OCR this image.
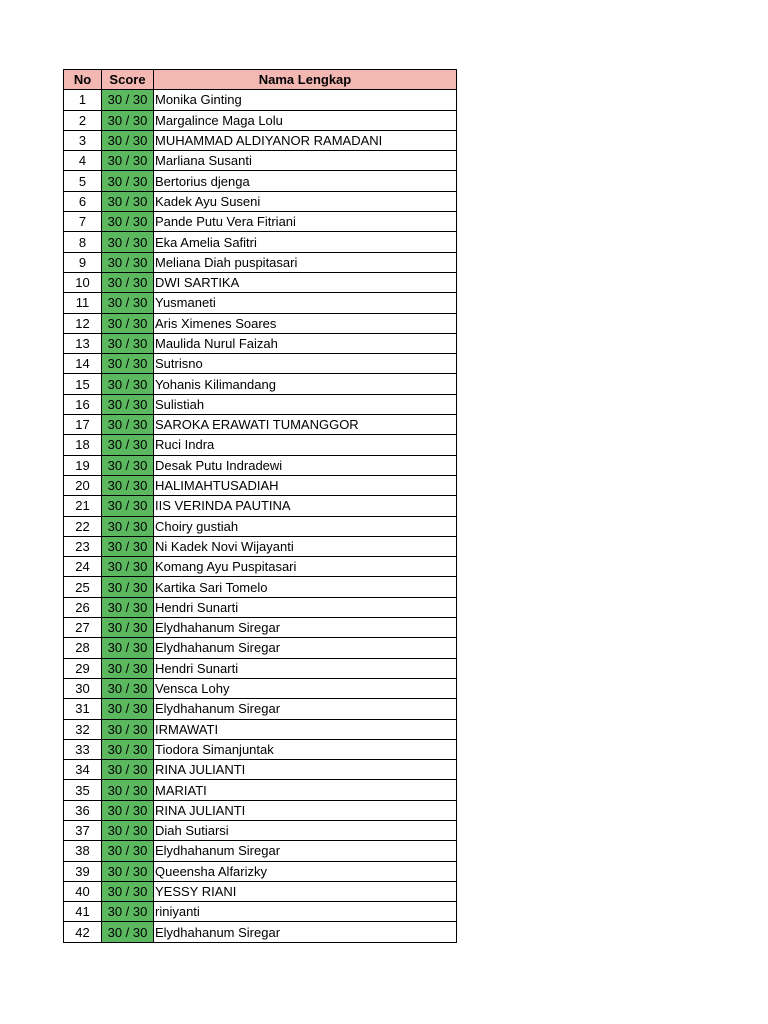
No	Score	Nama Lengkap
1	30 / 30	Monika Ginting
2	30 / 30	Margalince Maga Lolu
3	30 / 30	MUHAMMAD ALDIYANOR RAMADANI
4	30 / 30	Marliana Susanti
5	30 / 30	Bertorius djenga
6	30 / 30	Kadek Ayu Suseni
7	30 / 30	Pande Putu Vera Fitriani
8	30 / 30	Eka Amelia Safitri
9	30 / 30	Meliana Diah puspitasari
10	30 / 30	DWI SARTIKA
11	30 / 30	Yusmaneti
12	30 / 30	Aris Ximenes Soares
13	30 / 30	Maulida Nurul Faizah
14	30 / 30	Sutrisno
15	30 / 30	Yohanis Kilimandang
16	30 / 30	Sulistiah
17	30 / 30	SAROKA ERAWATI TUMANGGOR
18	30 / 30	Ruci Indra
19	30 / 30	Desak Putu Indradewi
20	30 / 30	HALIMAHTUSADIAH
21	30 / 30	IIS VERINDA PAUTINA
22	30 / 30	Choiry gustiah
23	30 / 30	Ni Kadek Novi Wijayanti
24	30 / 30	Komang Ayu Puspitasari
25	30 / 30	Kartika Sari Tomelo
26	30 / 30	Hendri Sunarti
27	30 / 30	Elydhahanum Siregar
28	30 / 30	Elydhahanum Siregar
29	30 / 30	Hendri Sunarti
30	30 / 30	Vensca Lohy
31	30 / 30	Elydhahanum Siregar
32	30 / 30	IRMAWATI
33	30 / 30	Tiodora Simanjuntak
34	30 / 30	RINA JULIANTI
35	30 / 30	MARIATI
36	30 / 30	RINA JULIANTI
37	30 / 30	Diah Sutiarsi
38	30 / 30	Elydhahanum Siregar
39	30 / 30	Queensha Alfarizky
40	30 / 30	YESSY RIANI
41	30 / 30	riniyanti
42	30 / 30	Elydhahanum Siregar
